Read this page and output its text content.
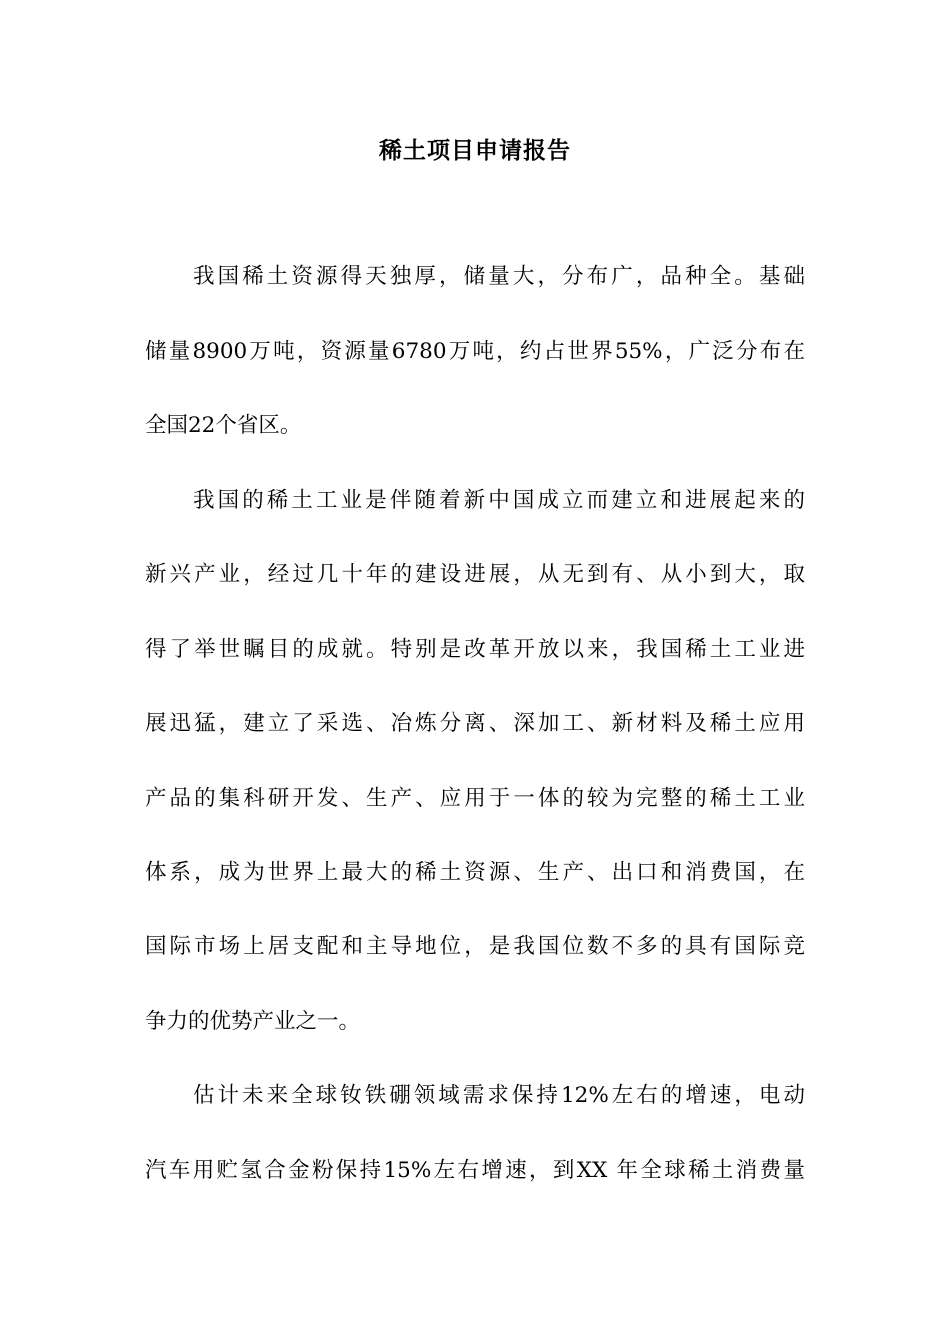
稀土项目申请报告
我国稀土资源得天独厚，储量大，分布广，品种全。基础
储量8900万吨，资源量6780万吨，约占世界55%，广泛分布在
全国22个省区。
我国的稀土工业是伴随着新中国成立而建立和进展起来的
新兴产业，经过几十年的建设进展，从无到有、从小到大，取
得了举世瞩目的成就。特别是改革开放以来，我国稀土工业进
展迅猛，建立了采选、冶炼分离、深加工、新材料及稀土应用
产品的集科研开发、生产、应用于一体的较为完整的稀土工业
体系，成为世界上最大的稀土资源、生产、出口和消费国，在
国际市场上居支配和主导地位，是我国位数不多的具有国际竞
争力的优势产业之一。
估计未来全球钕铁硼领域需求保持12%左右的增速，电动
汽车用贮氢合金粉保持15%左右增速，到XX 年全球稀土消费量
